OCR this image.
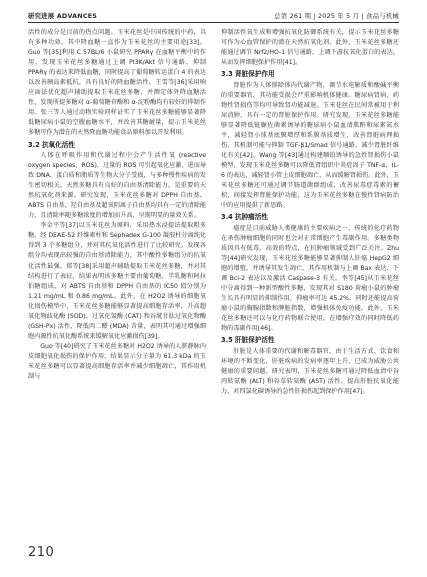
研究进展 ADVANCES	总第 261 期 | 2025 年 5 月 | 食品与机械

活性的成分是目前的热点问题。玉米花丝是中国传统的中药，具有多种功效，其中降血糖一直作为玉米花丝的主要用途[33]。Guo 等[35]利用 C 57BL/6 小鼠研究 PPARγ 在血糖平衡中的作用，发现玉米花丝多糖通过上调 PI3K/Akt 信号通路、抑制 PPARγ 的表达来降低血糖，同时提高了葡萄糖转运蛋白 4 的表达以改善胰岛素抵抗，具有良好的降血糖活性。王雪等[36]采用响应面法优化超声辅助提取玉米花丝多糖，并测定体外降血糖活性，发现所提多糖对 α-葡萄糖苷酶和 α-淀粉酶均有较好的抑制作用。张三等人通过动物实验同样证实了玉米花丝多糖能够显著降低糖尿病小鼠的空腹血糖水平，并改善其糖耐量，提示玉米花丝多糖可作为潜在的天然降血糖功能食品原料加以开发利用。

3.2 抗氧化活性

人体在呼吸作用和代谢过程中会产生活性氧 (reactive oxygen species，ROS)，过量的 ROS 可引起氧化应激，进而导致 DNA、蛋白质和脂质等生物大分子受损，与多种慢性疾病的发生密切相关。天然多糖具有良好的自由基清除能力，是重要的天然抗氧化剂来源。研究发现，玉米花丝多糖对 DPPH 自由基、ABTS 自由基、羟自由基及超氧阴离子自由基均具有一定的清除能力，且清除率随多糖浓度的增加而升高，呈现明显的量效关系。

李金平等[37]以玉米花丝为原料，采用热水浸提法提取粗多糖，经 DEAE-52 纤维素柱和 Sephadex G-100 凝胶柱分离纯化得到 3 个多糖组分，并对其抗氧化活性进行了比较研究，发现各组分均表现出较强的自由基清除能力，其中酸性多糖组分的抗氧化活性最强。郑等[38]采用超声辅助提取玉米花丝多糖，并对其结构进行了表征，结果表明该多糖主要由葡萄糖、半乳糖和阿拉伯糖组成，对 ABTS 自由基和 DPPH 自由基的 IC50 值分别为 1.21 mg/mL 和 0.86 mg/mL。此外，在 H2O2 诱导的细胞氧化损伤模型中，玉米花丝多糖能够显著提高细胞存活率，升高超氧化物歧化酶 (SOD)、过氧化氢酶 (CAT) 和谷胱甘肽过氧化物酶 (GSH-Px) 活性，降低丙二醛 (MDA) 含量，表明其可通过增强细胞内源性抗氧化酶系统来缓解氧化应激损伤[39]。

Guo 等[40]研究了玉米花丝多糖对 H2O2 诱导的人脐静脉内皮细胞氧化损伤的保护作用，结果显示分子量为 61.3 kDa 的玉米花丝多糖可以显著提高细胞存活率并减少细胞凋亡，其作用机制与

抑制活性氧生成和增强抗氧化防御系统有关，提示玉米花丝多糖可作为心血管保护的潜在天然抗氧化剂。此外，玉米花丝多糖还能通过调节 Nrf2/HO-1 信号通路，上调下游抗氧化蛋白的表达，从而发挥细胞保护作用[41]。

3.3 肾脏保护作用

肾脏作为人体排除体内代谢产物、调节水电解质和酸碱平衡的重要器官，其功能受损会严重影响机体健康。糖尿病肾病、药物性肾损伤等均可导致肾功能减退。玉米花丝在民间常被用于利尿消肿，具有一定的肾脏保护作用。研究发现，玉米花丝多糖能够显著降低链脲佐菌素诱导的糖尿病小鼠血清肌酐和尿素氮水平，减轻肾小球基底膜增厚和系膜基质增生，改善肾脏病理损伤，其机制可能与抑制 TGF-β1/Smad 信号通路、减少肾脏纤维化有关[42]。Wang 等[43]通过构建顺铂诱导的急性肾损伤小鼠模型，发现玉米花丝多糖可以降低肾组织中炎症因子 TNF-α、IL-6 的表达，减轻肾小管上皮细胞凋亡，从而缓解肾损伤。此外，玉米花丝多糖还可通过调节肠道菌群组成，改善尿毒症毒素的蓄积，间接发挥肾脏保护功能，这为玉米花丝多糖在慢性肾病防治中的应用提供了新思路。

3.4 抗肿瘤活性

癌症是目前威胁人类健康的主要疾病之一，传统的化疗药物在杀伤肿瘤细胞的同时也会对正常细胞产生毒副作用。多糖类物质因具有低毒、高效的特点，在抗肿瘤领域受到广泛关注。Zhu 等[44]研究发现，玉米花丝多糖能够显著抑制人肝癌 HepG2 细胞的增殖，并诱导其发生凋亡，其作用机制与上调 Bax 表达、下调 Bcl-2 表达以及激活 Caspase-3 有关。李等[45]从玉米花丝中分离得到一种新型酸性多糖，发现其对 S180 荷瘤小鼠的肿瘤生长具有明显的抑制作用，抑瘤率可达 45.2%，同时还能提高荷瘤小鼠的胸腺指数和脾脏指数，增强机体免疫功能。此外，玉米花丝多糖还可以与化疗药物联合使用，在增强疗效的同时降低药物的毒副作用[46]。

3.5 肝脏保护活性

肝脏是人体重要的代谢和解毒器官，由于生活方式、饮食和环境的不断变化，肝脏疾病的发病率逐年上升，已成为威胁公共健康的重要问题。研究表明，玉米花丝多糖可通过降低血清中谷丙转氨酶 (ALT) 和谷草转氨酶 (AST) 活性、提高肝脏抗氧化能力，对四氯化碳诱导的急性肝损伤起到保护作用[47]。

210
